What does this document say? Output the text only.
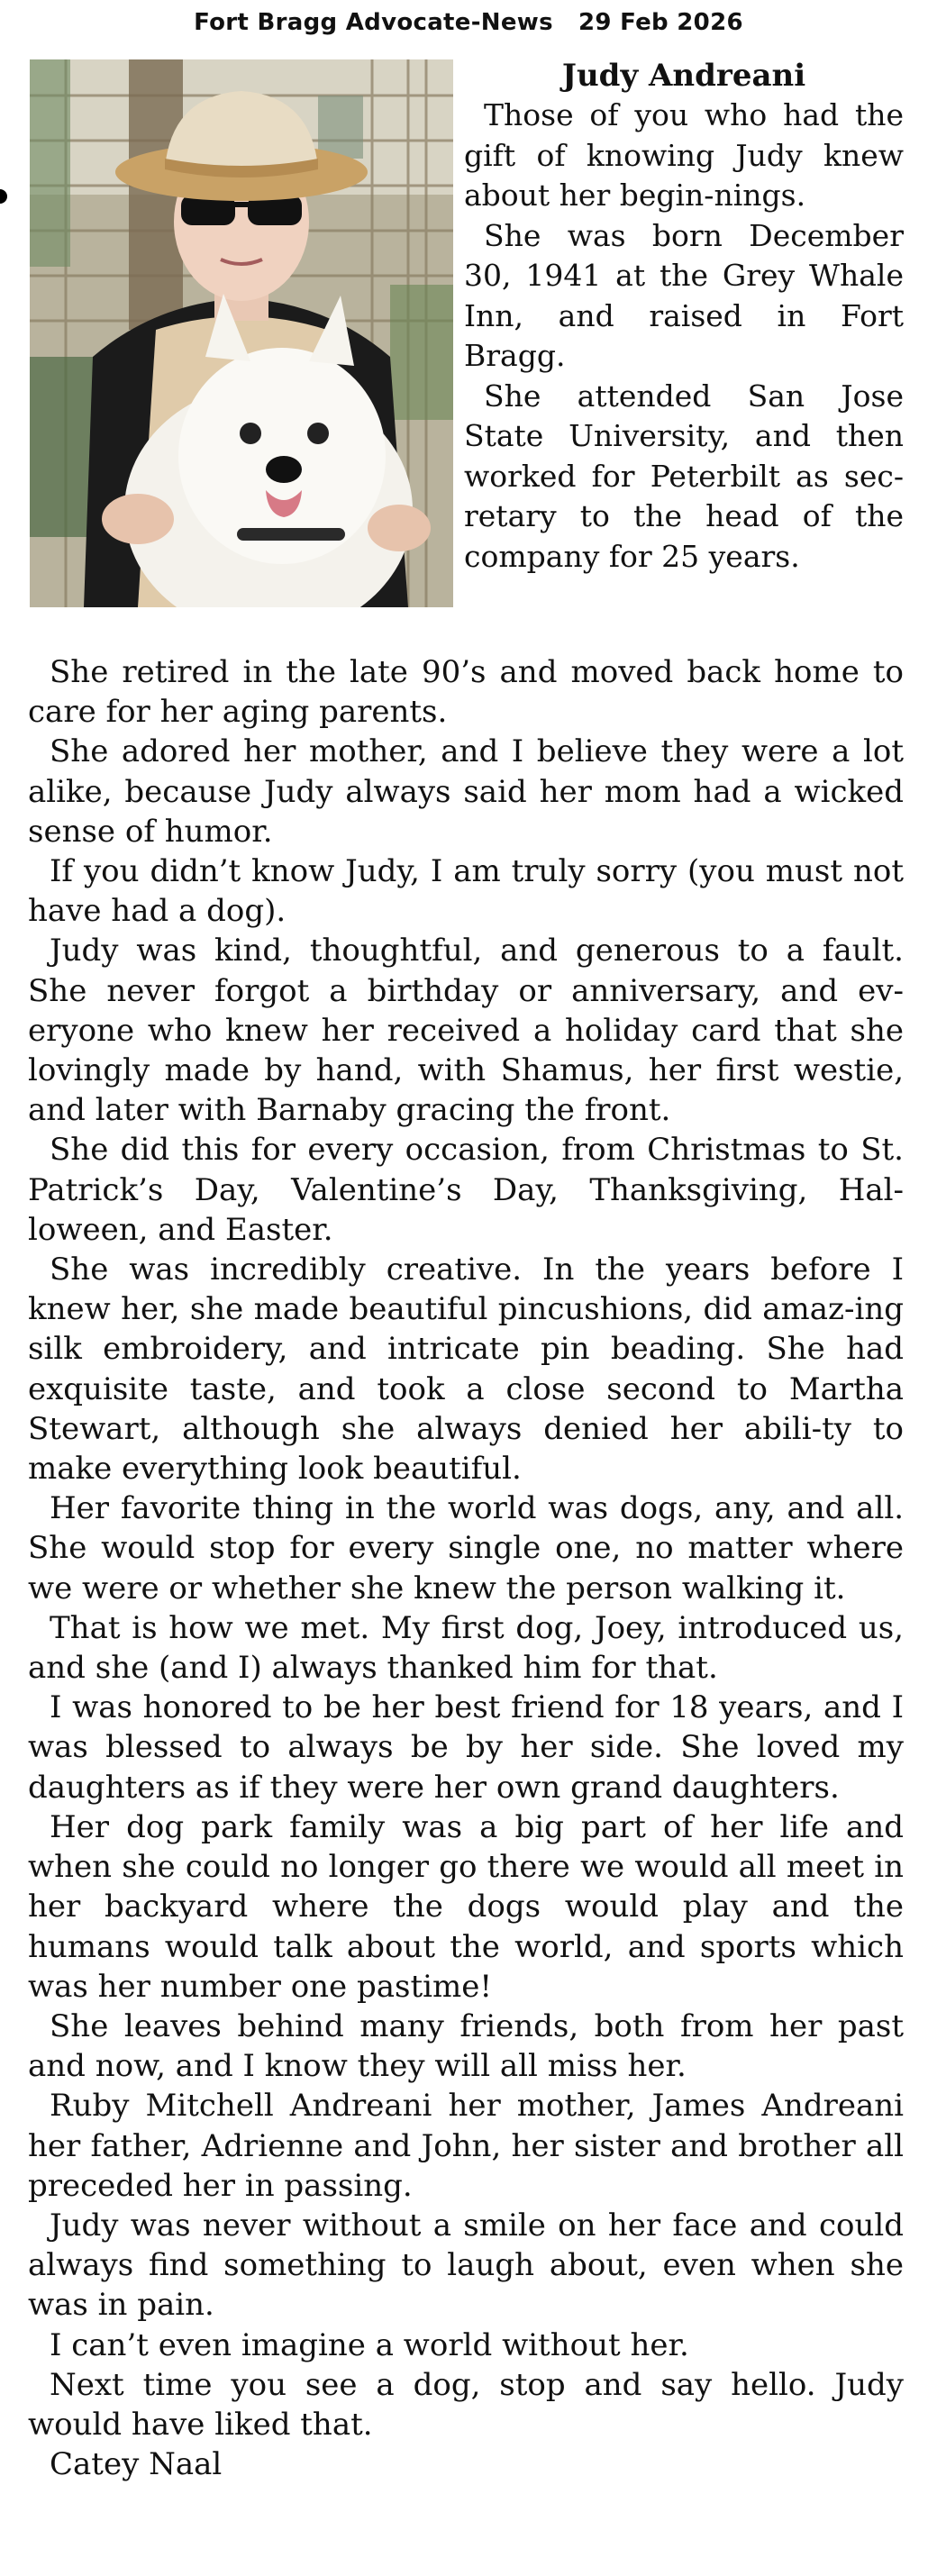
Fort Bragg Advocate-News   29 Feb 2026
Judy Andreani

Those of you who had the gift of knowing Judy knew about her begin-nings.

She was born December 30, 1941 at the Grey Whale Inn, and raised in Fort Bragg.

She attended San Jose State University, and then worked for Peterbilt as sec-retary to the head of the company for 25 years.

She retired in the late 90’s and moved back home to care for her aging parents.

She adored her mother, and I believe they were a lot alike, because Judy always said her mom had a wicked sense of humor.

If you didn’t know Judy, I am truly sorry (you must not have had a dog).

Judy was kind, thoughtful, and generous to a fault. She never forgot a birthday or anniversary, and ev-eryone who knew her received a holiday card that she lovingly made by hand, with Shamus, her first westie, and later with Barnaby gracing the front.

She did this for every occasion, from Christmas to St. Patrick’s Day, Valentine’s Day, Thanksgiving, Hal-loween, and Easter.

She was incredibly creative. In the years before I knew her, she made beautiful pincushions, did amaz-ing silk embroidery, and intricate pin beading. She had exquisite taste, and took a close second to Martha Stewart, although she always denied her abili-ty to make everything look beautiful.

Her favorite thing in the world was dogs, any, and all. She would stop for every single one, no matter where we were or whether she knew the person walking it.

That is how we met. My first dog, Joey, introduced us, and she (and I) always thanked him for that.

I was honored to be her best friend for 18 years, and I was blessed to always be by her side. She loved my daughters as if they were her own grand daughters.

Her dog park family was a big part of her life and when she could no longer go there we would all meet in her backyard where the dogs would play and the humans would talk about the world, and sports which was her number one pastime!

She leaves behind many friends, both from her past and now, and I know they will all miss her.

Ruby Mitchell Andreani her mother, James Andreani her father, Adrienne and John, her sister and brother all preceded her in passing.

Judy was never without a smile on her face and could always find something to laugh about, even when she was in pain.

I can’t even imagine a world without her.

Next time you see a dog, stop and say hello. Judy would have liked that.

Catey Naal
